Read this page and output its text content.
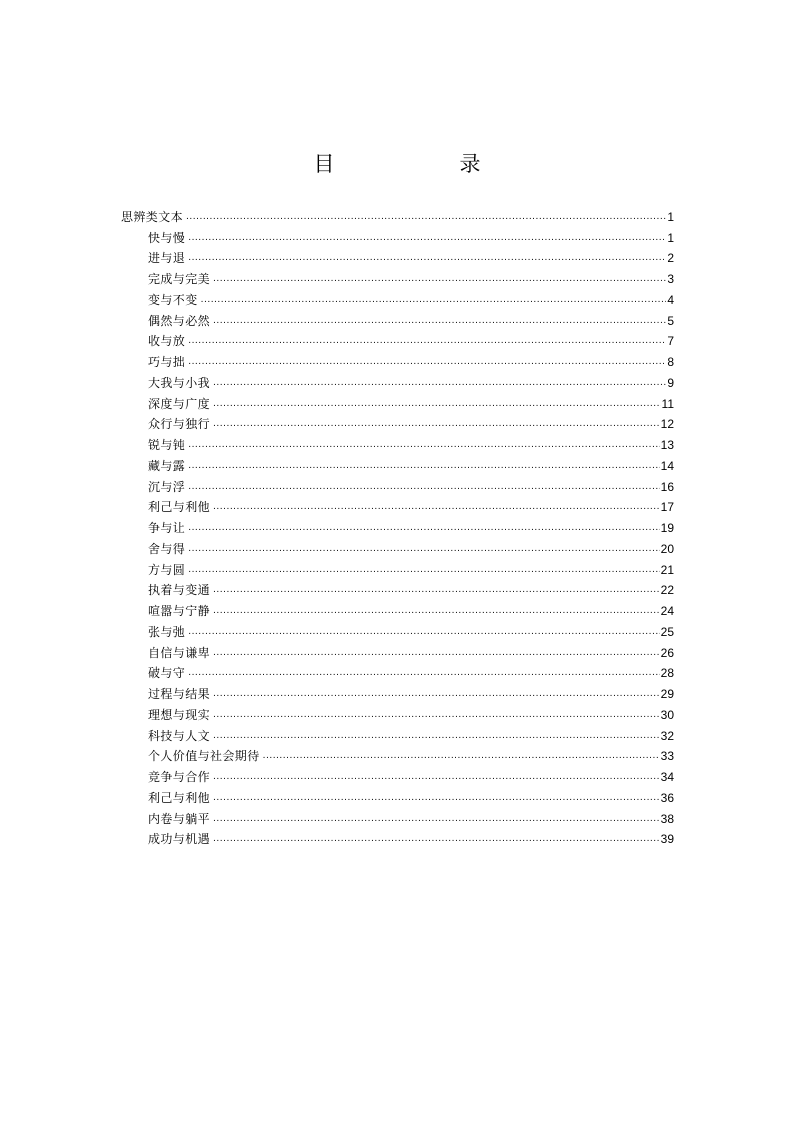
目　录
思辨类文本 .....	1
快与慢 .....	1
进与退 .....	2
完成与完美 .....	3
变与不变 .....	4
偶然与必然 .....	5
收与放 .....	7
巧与拙 .....	8
大我与小我 .....	9
深度与广度 .....	11
众行与独行 .....	12
锐与钝 .....	13
藏与露 .....	14
沉与浮 .....	16
利己与利他 .....	17
争与让 .....	19
舍与得 .....	20
方与圆 .....	21
执着与变通 .....	22
喧嚣与宁静 .....	24
张与弛 .....	25
自信与谦卑 .....	26
破与守 .....	28
过程与结果 .....	29
理想与现实 .....	30
科技与人文 .....	32
个人价值与社会期待 .....	33
竞争与合作 .....	34
利己与利他 .....	36
内卷与躺平 .....	38
成功与机遇 .....	39
